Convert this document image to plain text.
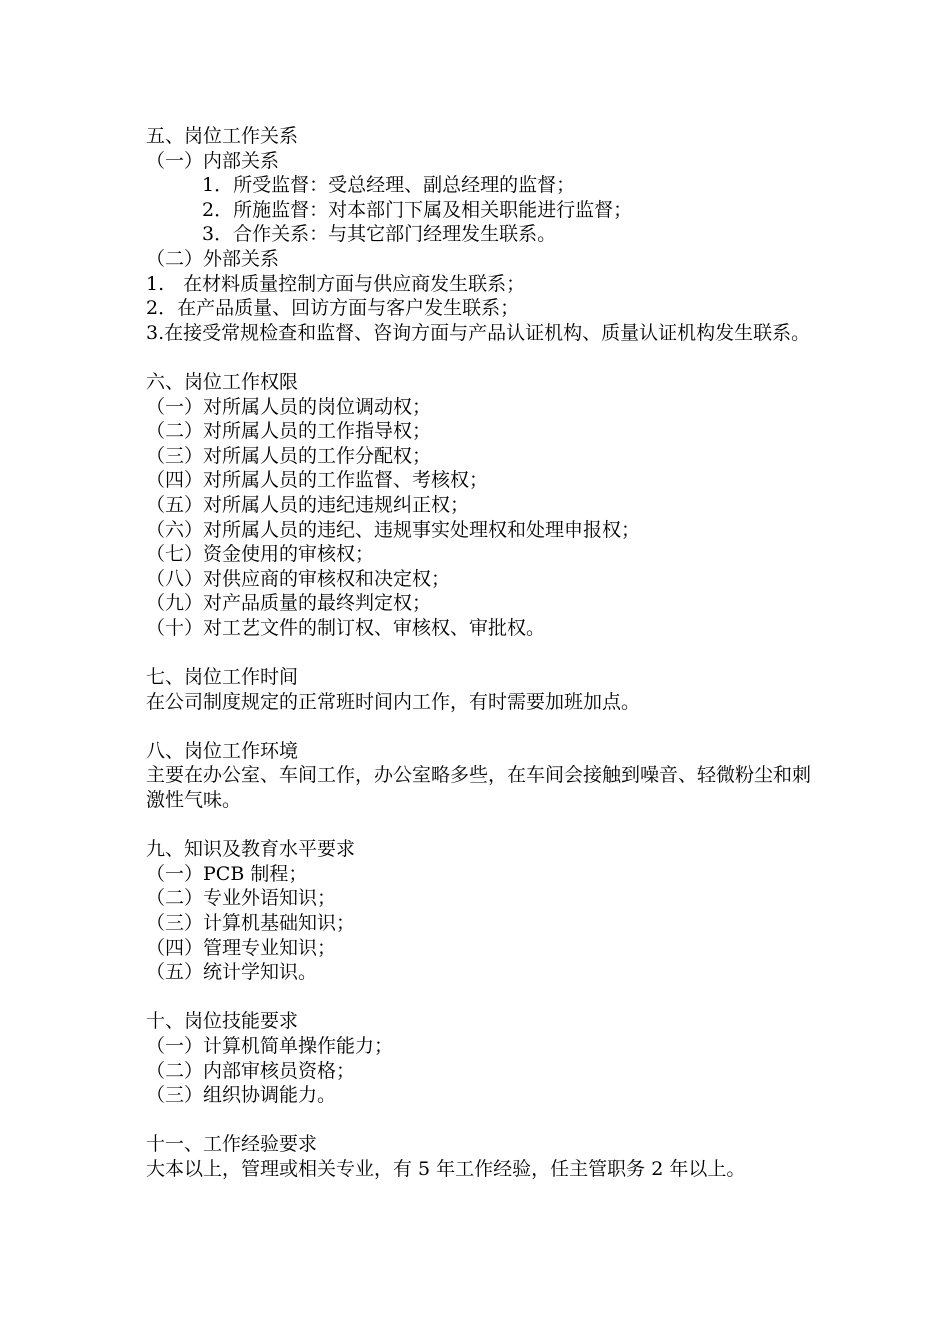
五、岗位工作关系
（一）内部关系
1．所受监督：受总经理、副总经理的监督；
2．所施监督：对本部门下属及相关职能进行监督；
3．合作关系：与其它部门经理发生联系。
（二）外部关系
1.　在材料质量控制方面与供应商发生联系；
2．在产品质量、回访方面与客户发生联系；
3.在接受常规检查和监督、咨询方面与产品认证机构、质量认证机构发生联系。
六、岗位工作权限
（一）对所属人员的岗位调动权；
（二）对所属人员的工作指导权；
（三）对所属人员的工作分配权；
（四）对所属人员的工作监督、考核权；
（五）对所属人员的违纪违规纠正权；
（六）对所属人员的违纪、违规事实处理权和处理申报权；
（七）资金使用的审核权；
（八）对供应商的审核权和决定权；
（九）对产品质量的最终判定权；
（十）对工艺文件的制订权、审核权、审批权。
七、岗位工作时间
在公司制度规定的正常班时间内工作，有时需要加班加点。
八、岗位工作环境
主要在办公室、车间工作，办公室略多些，在车间会接触到噪音、轻微粉尘和刺激性气味。
九、知识及教育水平要求
（一）PCB 制程；
（二）专业外语知识；
（三）计算机基础知识；
（四）管理专业知识；
（五）统计学知识。
十、岗位技能要求
（一）计算机简单操作能力；
（二）内部审核员资格；
（三）组织协调能力。
十一、工作经验要求
大本以上，管理或相关专业，有 5 年工作经验，任主管职务 2 年以上。
